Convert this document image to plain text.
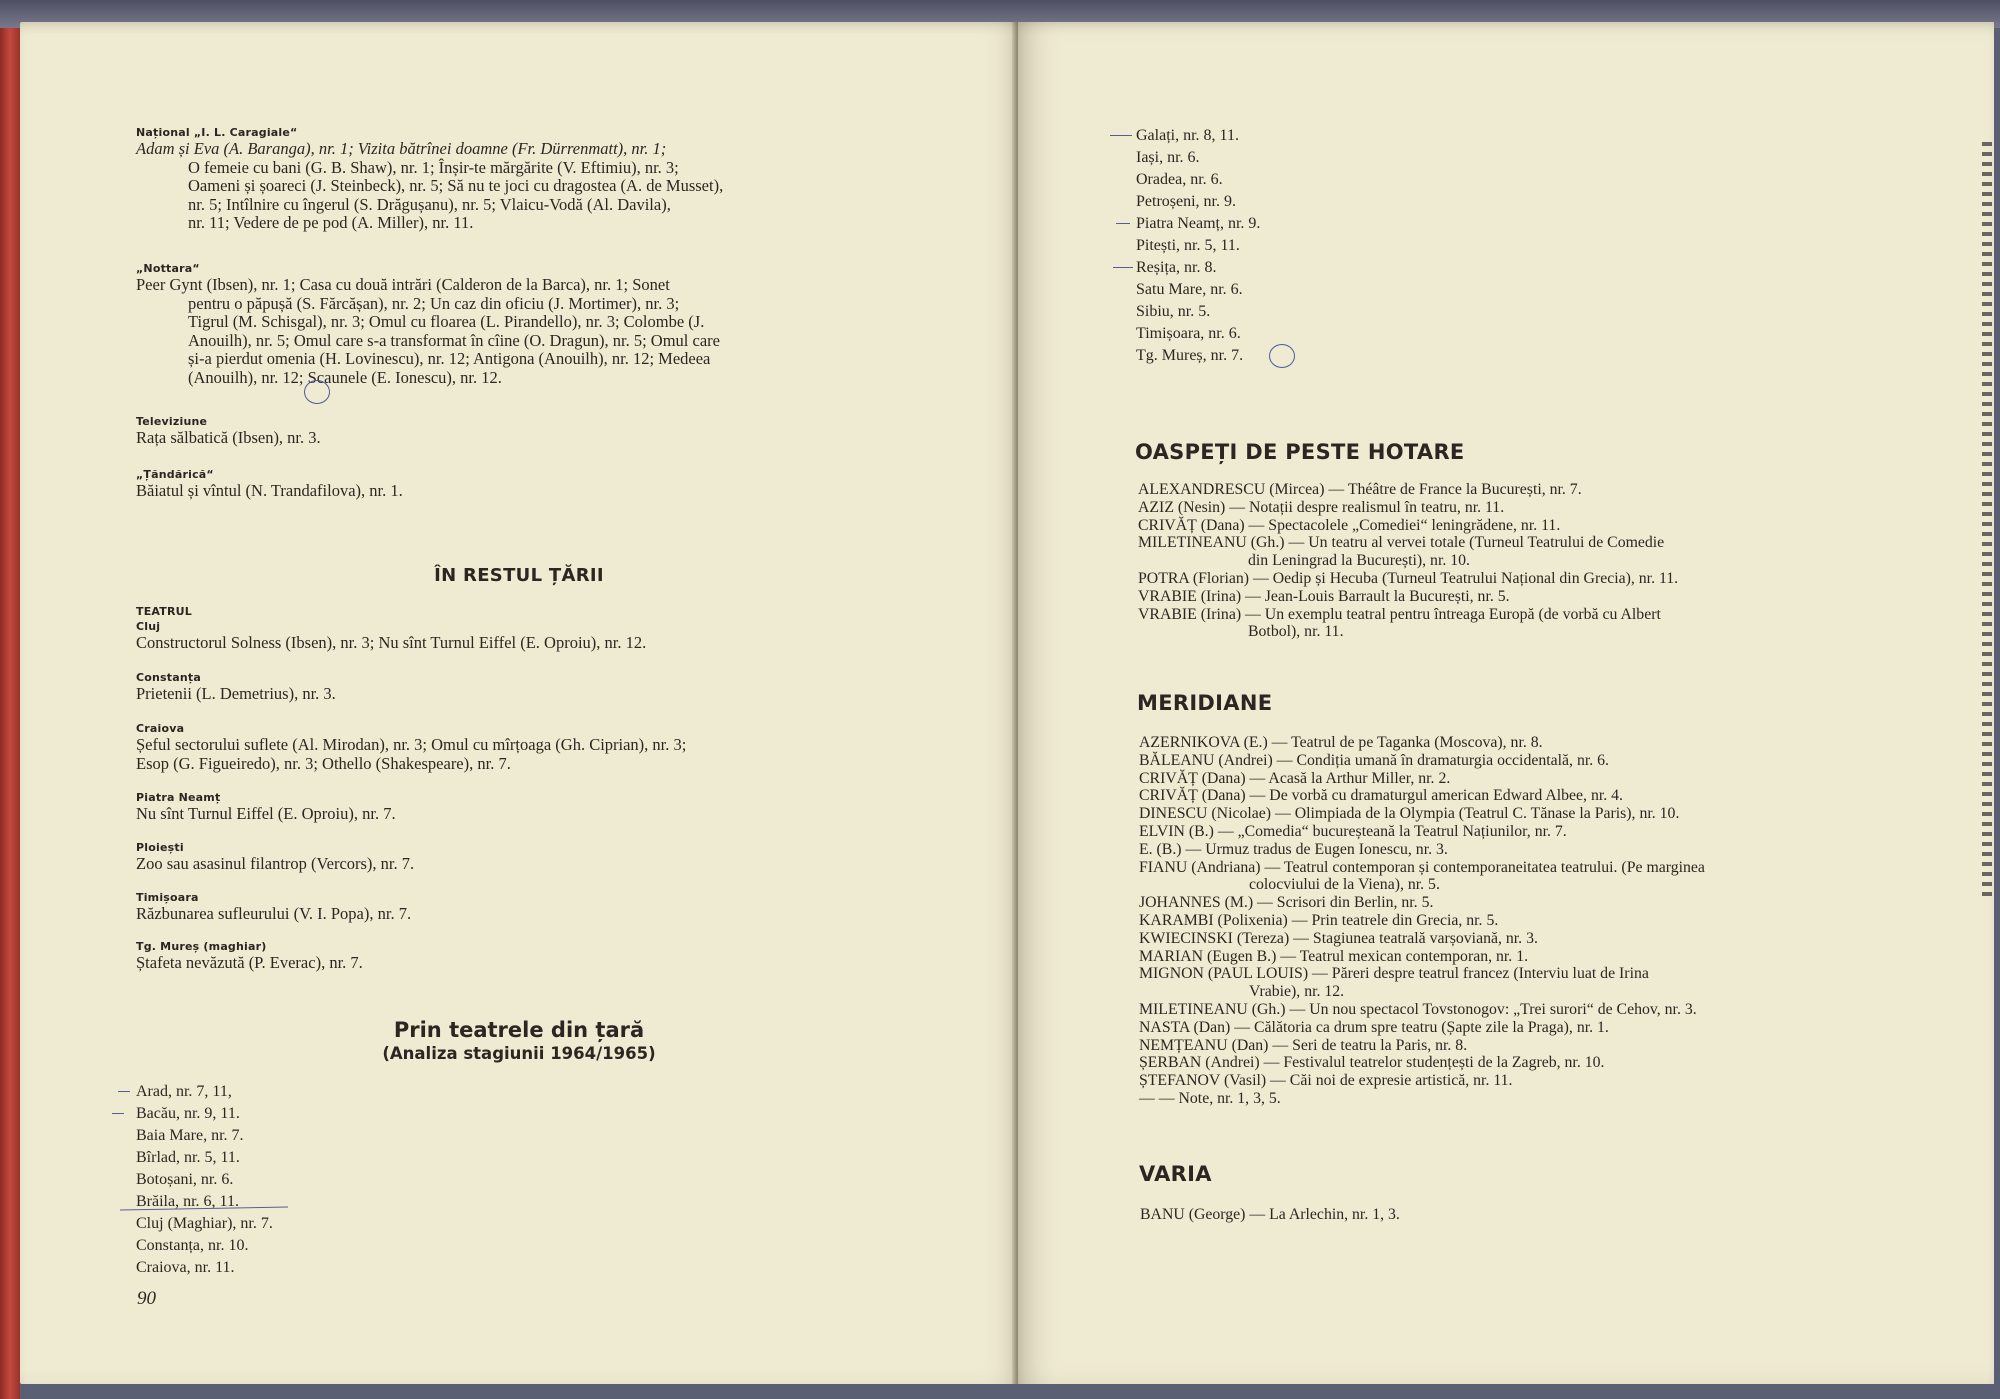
Național „I. L. Caragiale“

Adam și Eva (A. Baranga), nr. 1; Vizita bătrînei doamne (Fr. Dürrenmatt), nr. 1;

O femeie cu bani (G. B. Shaw), nr. 1; Înșir-te mărgărite (V. Eftimiu), nr. 3;

Oameni și șoareci (J. Steinbeck), nr. 5; Să nu te joci cu dragostea (A. de Musset),

nr. 5; Intîlnire cu îngerul (S. Drăgușanu), nr. 5; Vlaicu-Vodă (Al. Davila),

nr. 11; Vedere de pe pod (A. Miller), nr. 11.

„Nottara“

Peer Gynt (Ibsen), nr. 1; Casa cu două intrări (Calderon de la Barca), nr. 1; Sonet

pentru o păpușă (S. Fărcășan), nr. 2; Un caz din oficiu (J. Mortimer), nr. 3;

Tigrul (M. Schisgal), nr. 3; Omul cu floarea (L. Pirandello), nr. 3; Colombe (J.

Anouilh), nr. 5; Omul care s-a transformat în cîine (O. Dragun), nr. 5; Omul care

și-a pierdut omenia (H. Lovinescu), nr. 12; Antigona (Anouilh), nr. 12; Medeea

(Anouilh), nr. 12; Scaunele (E. Ionescu), nr. 12.

Televiziune

Rața sălbatică (Ibsen), nr. 3.

„Țăndărică“

Băiatul și vîntul (N. Trandafilova), nr. 1.

ÎN RESTUL ȚĂRII
TEATRUL
Cluj

Constructorul Solness (Ibsen), nr. 3; Nu sînt Turnul Eiffel (E. Oproiu), nr. 12.

Constanța

Prietenii (L. Demetrius), nr. 3.

Craiova

Șeful sectorului suflete (Al. Mirodan), nr. 3; Omul cu mîrțoaga (Gh. Ciprian), nr. 3;

Esop (G. Figueiredo), nr. 3; Othello (Shakespeare), nr. 7.

Piatra Neamț

Nu sînt Turnul Eiffel (E. Oproiu), nr. 7.

Ploiești

Zoo sau asasinul filantrop (Vercors), nr. 7.

Timișoara

Răzbunarea sufleurului (V. I. Popa), nr. 7.

Tg. Mureș (maghiar)

Ștafeta nevăzută (P. Everac), nr. 7.

Prin teatrele din țară
(Analiza stagiunii 1964/1965)
Arad, nr. 7, 11,
Bacău, nr. 9, 11.
Baia Mare, nr. 7.
Bîrlad, nr. 5, 11.
Botoșani, nr. 6.
Brăila, nr. 6, 11.
Cluj (Maghiar), nr. 7.
Constanța, nr. 10.
Craiova, nr. 11.
90
Galați, nr. 8, 11.
Iași, nr. 6.
Oradea, nr. 6.
Petroșeni, nr. 9.
Piatra Neamț, nr. 9.
Pitești, nr. 5, 11.
Reșița, nr. 8.
Satu Mare, nr. 6.
Sibiu, nr. 5.
Timișoara, nr. 6.
Tg. Mureș, nr. 7.
OASPEȚI DE PESTE HOTARE
ALEXANDRESCU (Mircea) — Théâtre de France la București, nr. 7.
AZIZ (Nesin) — Notații despre realismul în teatru, nr. 11.
CRIVĂȚ (Dana) — Spectacolele „Comediei“ leningrădene, nr. 11.
MILETINEANU (Gh.) — Un teatru al vervei totale (Turneul Teatrului de Comedie
din Leningrad la București), nr. 10.
POTRA (Florian) — Oedip și Hecuba (Turneul Teatrului Național din Grecia), nr. 11.
VRABIE (Irina) — Jean-Louis Barrault la București, nr. 5.
VRABIE (Irina) — Un exemplu teatral pentru întreaga Europă (de vorbă cu Albert
Botbol), nr. 11.
MERIDIANE
AZERNIKOVA (E.) — Teatrul de pe Taganka (Moscova), nr. 8.
BĂLEANU (Andrei) — Condiția umană în dramaturgia occidentală, nr. 6.
CRIVĂȚ (Dana) — Acasă la Arthur Miller, nr. 2.
CRIVĂȚ (Dana) — De vorbă cu dramaturgul american Edward Albee, nr. 4.
DINESCU (Nicolae) — Olimpiada de la Olympia (Teatrul C. Tănase la Paris), nr. 10.
ELVIN (B.) — „Comedia“ bucureșteană la Teatrul Națiunilor, nr. 7.
E. (B.) — Urmuz tradus de Eugen Ionescu, nr. 3.
FIANU (Andriana) — Teatrul contemporan și contemporaneitatea teatrului. (Pe marginea
colocviului de la Viena), nr. 5.
JOHANNES (M.) — Scrisori din Berlin, nr. 5.
KARAMBI (Polixenia) — Prin teatrele din Grecia, nr. 5.
KWIECINSKI (Tereza) — Stagiunea teatrală varșoviană, nr. 3.
MARIAN (Eugen B.) — Teatrul mexican contemporan, nr. 1.
MIGNON (PAUL LOUIS) — Păreri despre teatrul francez (Interviu luat de Irina
Vrabie), nr. 12.
MILETINEANU (Gh.) — Un nou spectacol Tovstonogov: „Trei surori“ de Cehov, nr. 3.
NASTA (Dan) — Călătoria ca drum spre teatru (Șapte zile la Praga), nr. 1.
NEMȚEANU (Dan) — Seri de teatru la Paris, nr. 8.
ȘERBAN (Andrei) — Festivalul teatrelor studențești de la Zagreb, nr. 10.
ȘTEFANOV (Vasil) — Căi noi de expresie artistică, nr. 11.
— — Note, nr. 1, 3, 5.
VARIA
BANU (George) — La Arlechin, nr. 1, 3.
